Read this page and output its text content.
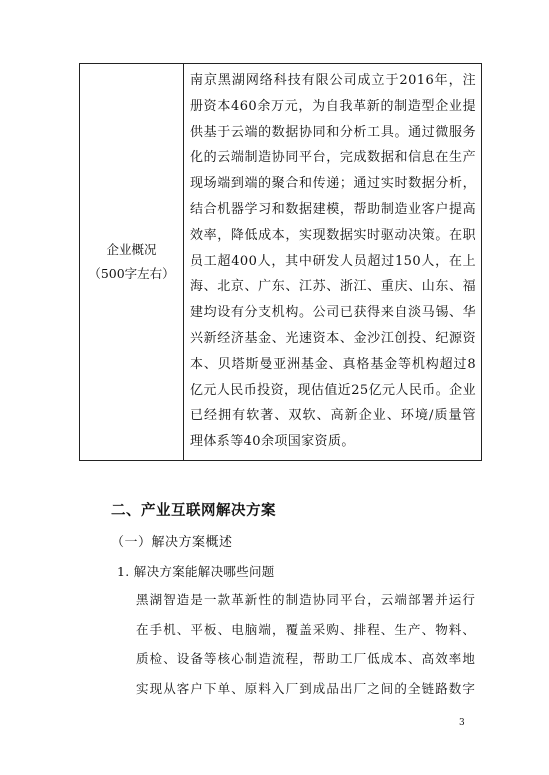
企业概况
（500字左右）
	南京黑湖网络科技有限公司成立于2016年，注册资本460余万元，为自我革新的制造型企业提供基于云端的数据协同和分析工具。通过微服务化的云端制造协同平台，完成数据和信息在生产现场端到端的聚合和传递；通过实时数据分析，结合机器学习和数据建模，帮助制造业客户提高效率，降低成本，实现数据实时驱动决策。在职员工超400人，其中研发人员超过150人，在上海、北京、广东、江苏、浙江、重庆、山东、福建均设有分支机构。公司已获得来自淡马锡、华兴新经济基金、光速资本、金沙江创投、纪源资本、贝塔斯曼亚洲基金、真格基金等机构超过8亿元人民币投资，现估值近25亿元人民币。企业已经拥有软著、双软、高新企业、环境/质量管理体系等40余项国家资质。
二、产业互联网解决方案
（一）解决方案概述
1. 解决方案能解决哪些问题
黑湖智造是一款革新性的制造协同平台，云端部署并运行在手机、平板、电脑端，覆盖采购、排程、生产、物料、质检、设备等核心制造流程，帮助工厂低成本、高效率地实现从客户下单、原料入厂到成品出厂之间的全链路数字
3
